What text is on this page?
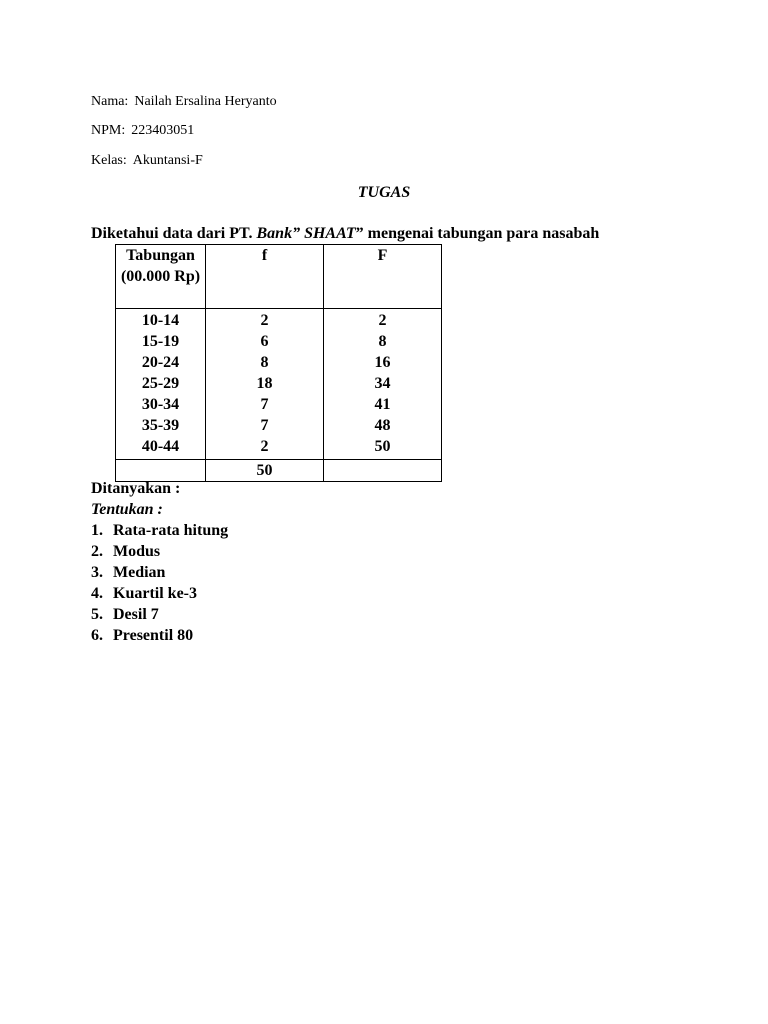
Nama: Nailah Ersalina Heryanto
NPM: 223403051
Kelas: Akuntansi-F
TUGAS
Diketahui data dari PT. Bank” SHAAT” mengenai tabungan para nasabah
Tabungan (00.000 Rp)	f	F
10-14	2	2
15-19	6	8
20-24	8	16
25-29	18	34
30-34	7	41
35-39	7	48
40-44	2	50
	50	
Ditanyakan :
Tentukan :
1. Rata-rata hitung
2. Modus
3. Median
4. Kuartil ke-3
5. Desil 7
6. Presentil 80
